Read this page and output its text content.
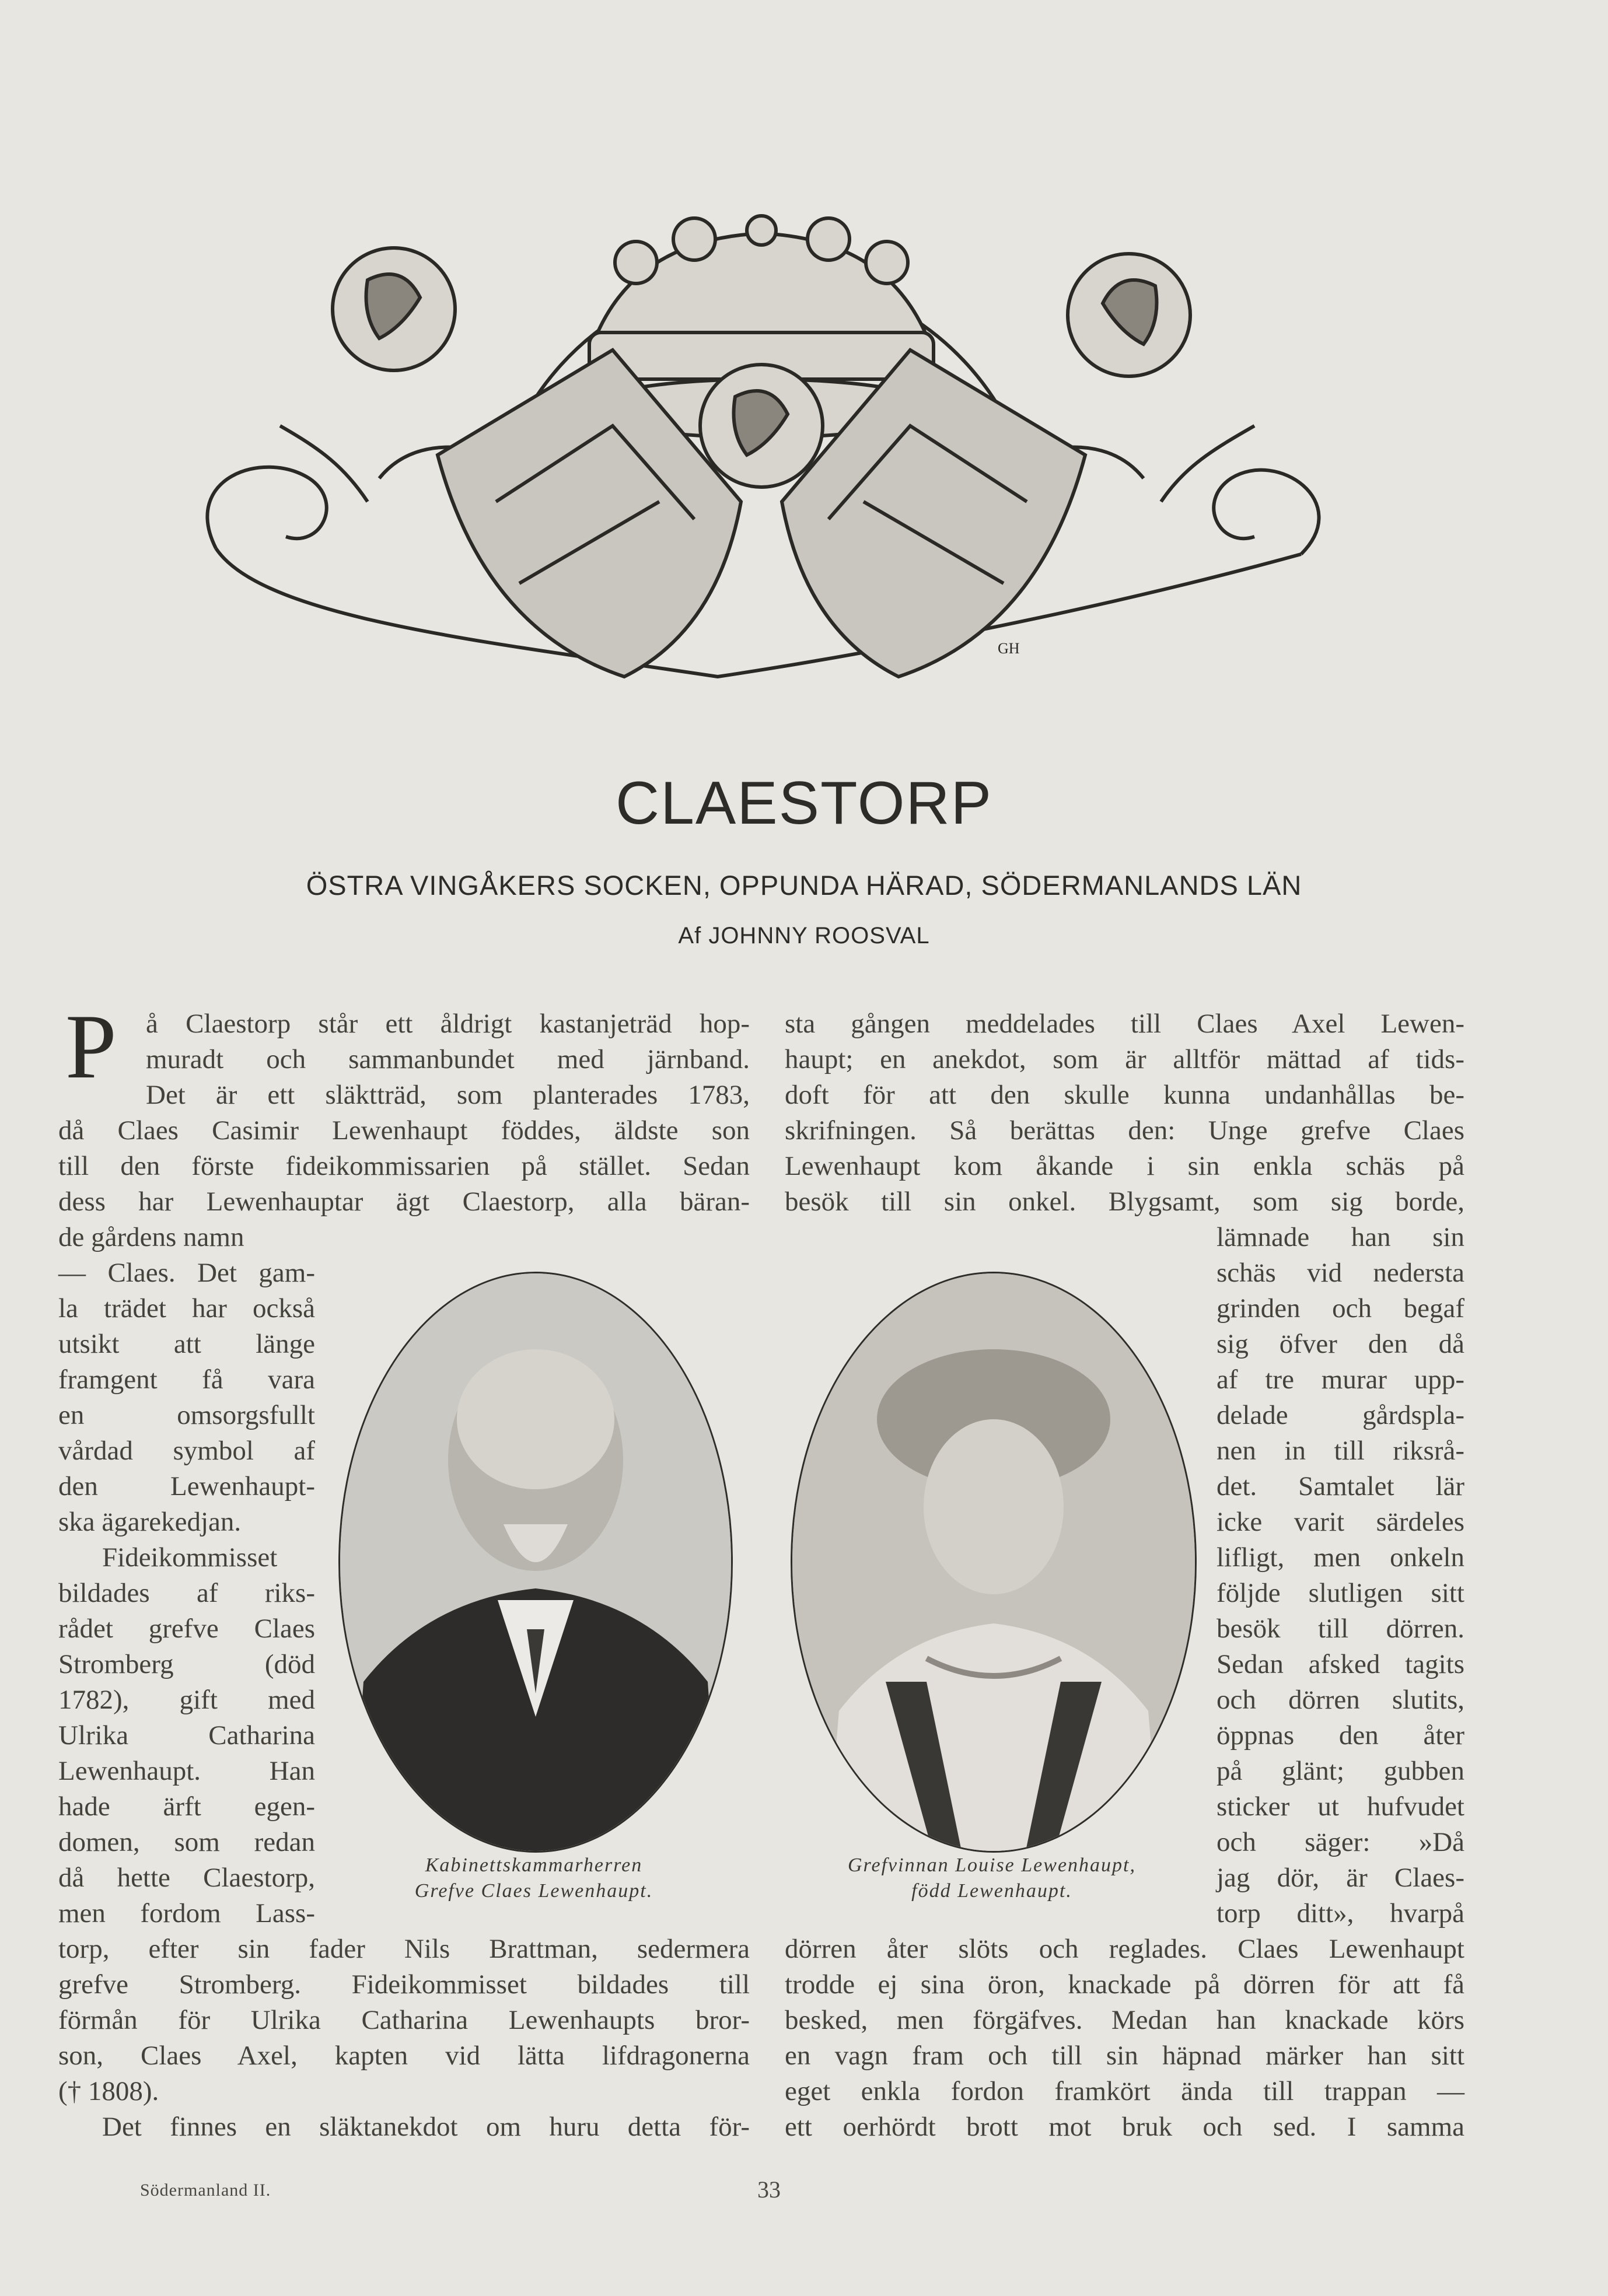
GH
CLAESTORP
ÖSTRA VINGÅKERS SOCKEN, OPPUNDA HÄRAD, SÖDERMANLANDS LÄN
Af JOHNNY ROOSVAL
P å Claestorp står ett åldrigt kastanjeträd hop-
muradt och sammanbundet med järnband.
Det är ett släktträd, som planterades 1783,
då Claes Casimir Lewenhaupt föddes, äldste son
till den förste fideikommissarien på stället. Sedan
dess har Lewenhauptar ägt Claestorp, alla bäran-
de gårdens namn
— Claes. Det gam-
la trädet har också
utsikt att länge
framgent få vara
en omsorgsfullt
vårdad symbol af
den Lewenhaupt-
ska ägarekedjan.
Fideikommisset
bildades af riks-
rådet grefve Claes
Stromberg (död
1782), gift med
Ulrika Catharina
Lewenhaupt. Han
hade ärft egen-
domen, som redan
då hette Claestorp,
men fordom Lass-
torp, efter sin fader Nils Brattman, sedermera
grefve Stromberg. Fideikommisset bildades till
förmån för Ulrika Catharina Lewenhaupts bror-
son, Claes Axel, kapten vid lätta lifdragonerna
(† 1808).
Det finnes en släktanekdot om huru detta för-
Kabinettskammarherren
Grefve Claes Lewenhaupt.
Grefvinnan Louise Lewenhaupt,
född Lewenhaupt.
sta gången meddelades till Claes Axel Lewen-
haupt; en anekdot, som är alltför mättad af tids-
doft för att den skulle kunna undanhållas be-
skrifningen. Så berättas den: Unge grefve Claes
Lewenhaupt kom åkande i sin enkla schäs på
besök till sin onkel. Blygsamt, som sig borde,
lämnade han sin
schäs vid nedersta
grinden och begaf
sig öfver den då
af tre murar upp-
delade gårdspla-
nen in till riksrå-
det. Samtalet lär
icke varit särdeles
lifligt, men onkeln
följde slutligen sitt
besök till dörren.
Sedan afsked tagits
och dörren slutits,
öppnas den åter
på glänt; gubben
sticker ut hufvudet
och säger: »Då
jag dör, är Claes-
torp ditt», hvarpå
dörren åter slöts och reglades. Claes Lewenhaupt
trodde ej sina öron, knackade på dörren för att få
besked, men förgäfves. Medan han knackade körs
en vagn fram och till sin häpnad märker han sitt
eget enkla fordon framkört ända till trappan —
ett oerhördt brott mot bruk och sed. I samma
Södermanland II.	33
